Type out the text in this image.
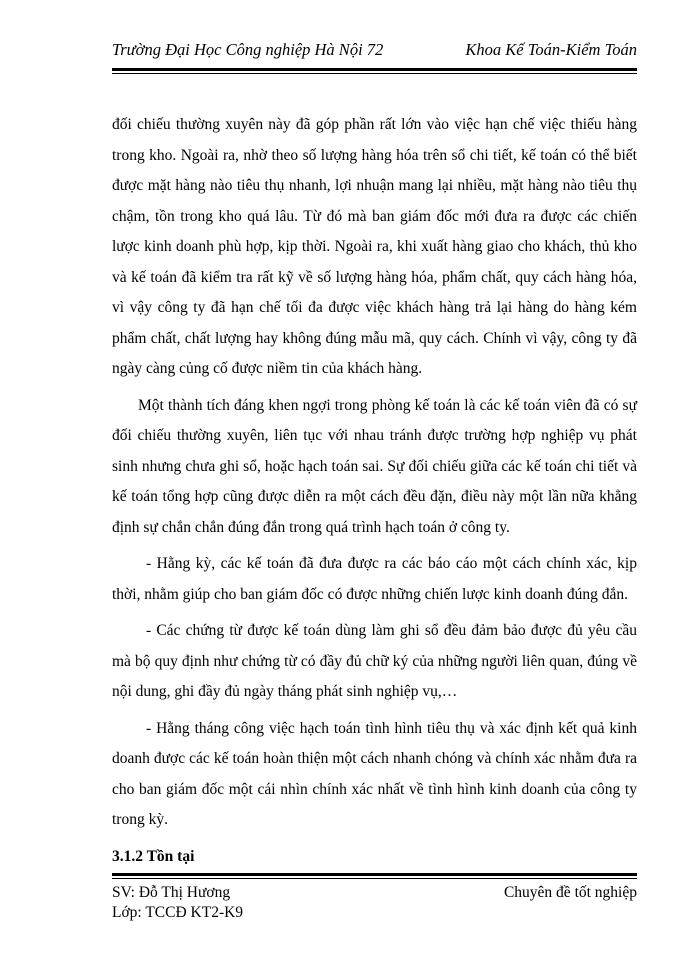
Trường Đại Học Công nghiệp Hà Nội 72	Khoa Kế Toán-Kiểm Toán

đối chiếu thường xuyên này đã góp phần rất lớn vào việc hạn chế việc thiếu hàng trong kho. Ngoài ra, nhờ theo số lượng hàng hóa trên sổ chi tiết, kế toán có thể biết được mặt hàng nào tiêu thụ nhanh, lợi nhuận mang lại nhiều, mặt hàng nào tiêu thụ chậm, tồn trong kho quá lâu. Từ đó mà ban giám đốc mới đưa ra được các chiến lược kinh doanh phù hợp, kịp thời. Ngoài ra, khi xuất hàng giao cho khách, thủ kho và kế toán đã kiểm tra rất kỹ về số lượng hàng hóa, phẩm chất, quy cách hàng hóa, vì vậy công ty đã hạn chế tối đa được việc khách hàng trả lại hàng do hàng kém phẩm chất, chất lượng hay không đúng mẫu mã, quy cách. Chính vì vậy, công ty đã ngày càng củng cố được niềm tin của khách hàng.

Một thành tích đáng khen ngợi trong phòng kế toán là các kế toán viên đã có sự đối chiếu thường xuyên, liên tục với nhau tránh được trường hợp nghiệp vụ phát sinh nhưng chưa ghi sổ, hoặc hạch toán sai. Sự đối chiếu giữa các kế toán chi tiết và kế toán tổng hợp cũng được diễn ra một cách đều đặn, điều này một lần nữa khẳng định sự chắn chắn đúng đắn trong quá trình hạch toán ở công ty.

- Hằng kỳ, các kế toán đã đưa được ra các báo cáo một cách chính xác, kịp thời, nhằm giúp cho ban giám đốc có được những chiến lược kinh doanh đúng đắn.

- Các chứng từ được kế toán dùng làm ghi sổ đều đảm bảo được đủ yêu cầu mà bộ quy định như chứng từ có đầy đủ chữ ký của những người liên quan, đúng về nội dung, ghi đầy đủ ngày tháng phát sinh nghiệp vụ,…

- Hằng tháng công việc hạch toán tình hình tiêu thụ và xác định kết quả kinh doanh được các kế toán hoàn thiện một cách nhanh chóng và chính xác nhằm đưa ra cho ban giám đốc một cái nhìn chính xác nhất về tình hình kinh doanh của công ty trong kỳ.

3.1.2 Tồn tại

SV: Đỗ Thị Hương	Chuyên đề tốt nghiệp
Lớp: TCCĐ KT2-K9
